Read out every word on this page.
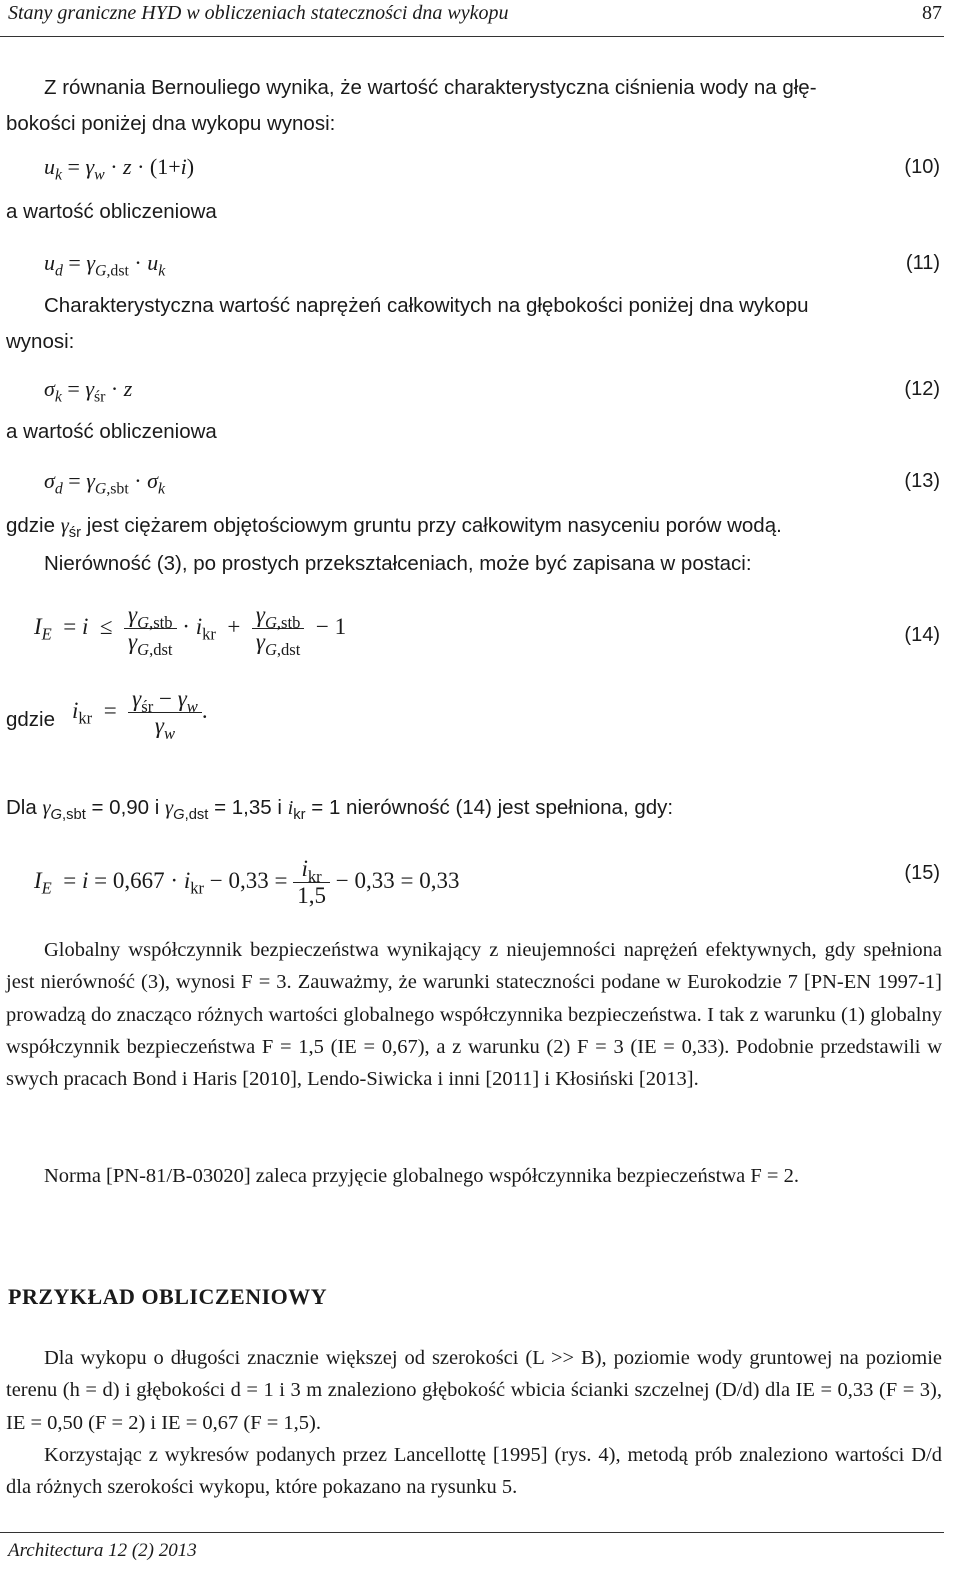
Stany graniczne HYD w obliczeniach stateczności dna wykopu	87
Z równania Bernouliego wynika, że wartość charakterystyczna ciśnienia wody na głę-
bokości poniżej dna wykopu wynosi:
$u_k = \gamma_w \cdot z \cdot (1+i)$	(10)
a wartość obliczeniowa
$u_d = \gamma_{G,dst} \cdot u_k$	(11)
Charakterystyczna wartość naprężeń całkowitych na głębokości poniżej dna wykopu
wynosi:
$\sigma_k = \gamma_{śr} \cdot z$	(12)
a wartość obliczeniowa
$\sigma_d = \gamma_{G,sbt} \cdot \sigma_k$	(13)
gdzie $\gamma_{śr}$ jest ciężarem objętościowym gruntu przy całkowitym nasyceniu porów wodą.
Nierówność (3), po prostych przekształceniach, może być zapisana w postaci:
$I_E = i \le \frac{\gamma_{G,stb}}{\gamma_{G,dst}} \cdot i_{kr} + \frac{\gamma_{G,stb}}{\gamma_{G,dst}} - 1$	(14)
gdzie $i_{kr} = \frac{\gamma_{śr} - \gamma_w}{\gamma_w}$ .
Dla $\gamma_{G,sbt} = 0,90$ i $\gamma_{G,dst} = 1,35$ i $i_{kr} = 1$ nierówność (14) jest spełniona, gdy:
$I_E = i = 0,667 \cdot i_{kr} - 0,33 = \frac{i_{kr}}{1,5} - 0,33 = 0,33$	(15)
Globalny współczynnik bezpieczeństwa wynikający z nieujemności naprężeń efektywnych, gdy spełniona jest nierówność (3), wynosi F = 3. Zauważmy, że warunki stateczności podane w Eurokodzie 7 [PN-EN 1997-1] prowadzą do znacząco różnych wartości globalnego współczynnika bezpieczeństwa. I tak z warunku (1) globalny współczynnik bezpieczeństwa F = 1,5 (IE = 0,67), a z warunku (2) F = 3 (IE = 0,33). Podobnie przedstawili w swych pracach Bond i Haris [2010], Lendo-Siwicka i inni [2011] i Kłosiński [2013].
Norma [PN-81/B-03020] zaleca przyjęcie globalnego współczynnika bezpieczeństwa F = 2.
PRZYKŁAD OBLICZENIOWY
Dla wykopu o długości znacznie większej od szerokości (L >> B), poziomie wody gruntowej na poziomie terenu (h = d) i głębokości d = 1 i 3 m znaleziono głębokość wbicia ścianki szczelnej (D/d) dla IE = 0,33 (F = 3), IE = 0,50 (F = 2) i IE = 0,67 (F = 1,5).
Korzystając z wykresów podanych przez Lancellottę [1995] (rys. 4), metodą prób znaleziono wartości D/d dla różnych szerokości wykopu, które pokazano na rysunku 5.
Architectura 12 (2) 2013
